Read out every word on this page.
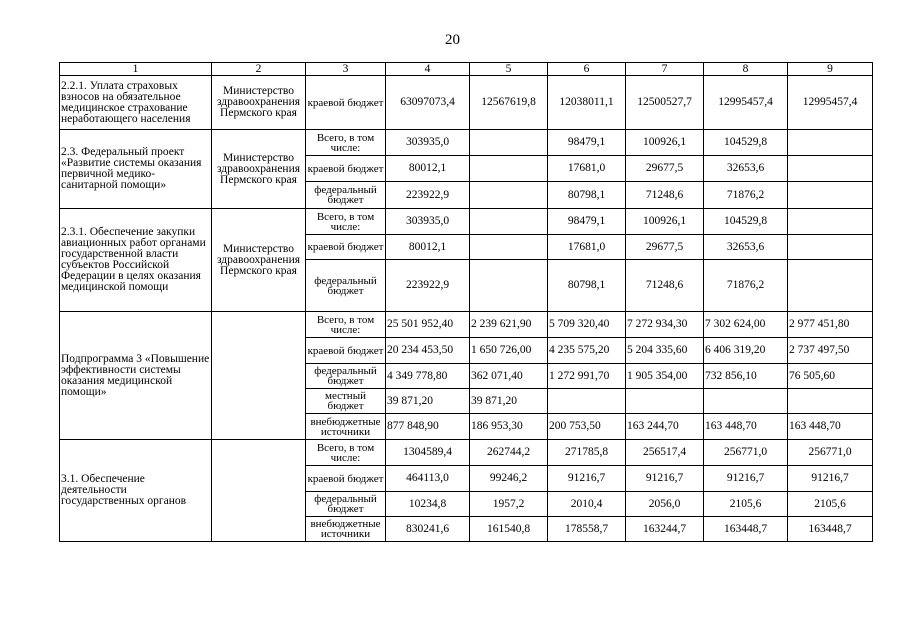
20
1	2	3	4	5	6	7	8	9
2.2.1. Уплата страховых взносов на обязательное медицинское страхование неработающего населения	Министерство здравоохранения Пермского края	краевой бюджет	63097073,4	12567619,8	12038011,1	12500527,7	12995457,4	12995457,4
2.3. Федеральный проект «Развитие системы оказания первичной медико-санитарной помощи»	Министерство здравоохранения Пермского края	Всего, в том числе:	303935,0		98479,1	100926,1	104529,8	
		краевой бюджет	80012,1		17681,0	29677,5	32653,6	
		федеральный бюджет	223922,9		80798,1	71248,6	71876,2	
2.3.1. Обеспечение закупки авиационных работ органами государственной власти субъектов Российской Федерации в целях оказания медицинской помощи	Министерство здравоохранения Пермского края	Всего, в том числе:	303935,0		98479,1	100926,1	104529,8	
		краевой бюджет	80012,1		17681,0	29677,5	32653,6	
		федеральный бюджет	223922,9		80798,1	71248,6	71876,2	
Подпрограмма 3 «Повышение эффективности системы оказания медицинской помощи»		Всего, в том числе:	25 501 952,40	2 239 621,90	5 709 320,40	7 272 934,30	7 302 624,00	2 977 451,80
		краевой бюджет	20 234 453,50	1 650 726,00	4 235 575,20	5 204 335,60	6 406 319,20	2 737 497,50
		федеральный бюджет	4 349 778,80	362 071,40	1 272 991,70	1 905 354,00	732 856,10	76 505,60
		местный бюджет	39 871,20	39 871,20				
		внебюджетные источники	877 848,90	186 953,30	200 753,50	163 244,70	163 448,70	163 448,70
3.1. Обеспечение деятельности государственных органов		Всего, в том числе:	1304589,4	262744,2	271785,8	256517,4	256771,0	256771,0
		краевой бюджет	464113,0	99246,2	91216,7	91216,7	91216,7	91216,7
		федеральный бюджет	10234,8	1957,2	2010,4	2056,0	2105,6	2105,6
		внебюджетные источники	830241,6	161540,8	178558,7	163244,7	163448,7	163448,7
